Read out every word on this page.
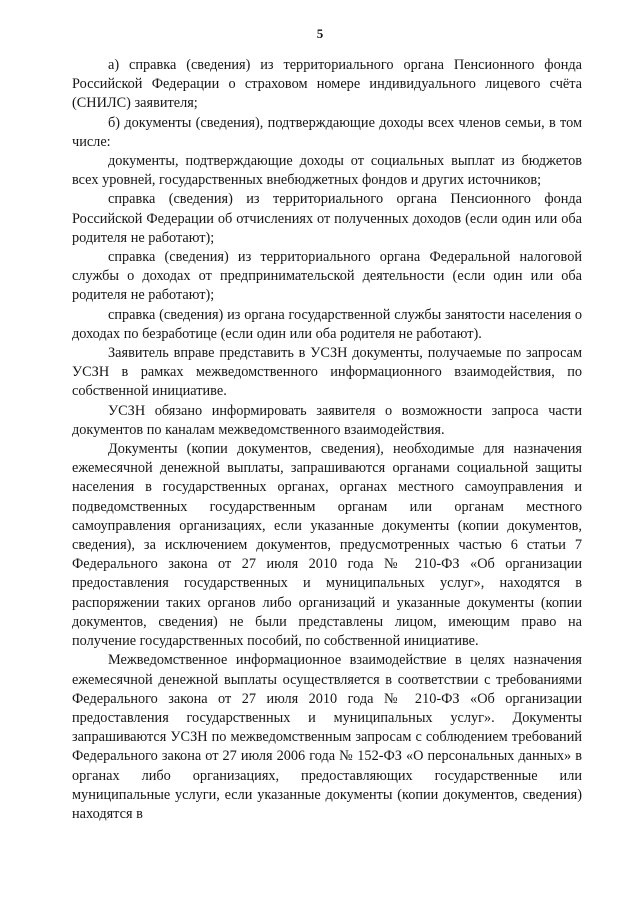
5

а) справка (сведения) из территориального органа Пенсионного фонда Российской Федерации о страховом номере индивидуального лицевого счёта (СНИЛС) заявителя;

б) документы (сведения), подтверждающие доходы всех членов семьи, в том числе:

документы, подтверждающие доходы от социальных выплат из бюджетов всех уровней, государственных внебюджетных фондов и других источников;

справка (сведения) из территориального органа Пенсионного фонда Российской Федерации об отчислениях от полученных доходов (если один или оба родителя не работают);

справка (сведения) из территориального органа Федеральной налоговой службы о доходах от предпринимательской деятельности (если один или оба родителя не работают);

справка (сведения) из органа государственной службы занятости населения о доходах по безработице (если один или оба родителя не работают).

Заявитель вправе представить в УСЗН документы, получаемые по запросам УСЗН в рамках межведомственного информационного взаимодействия, по собственной инициативе.

УСЗН обязано информировать заявителя о возможности запроса части документов по каналам межведомственного взаимодействия.

Документы (копии документов, сведения), необходимые для назначения ежемесячной денежной выплаты, запрашиваются органами социальной защиты населения в государственных органах, органах местного самоуправления и подведомственных государственным органам или органам местного самоуправления организациях, если указанные документы (копии документов, сведения), за исключением документов, предусмотренных частью 6 статьи 7 Федерального закона от 27 июля 2010 года № 210-ФЗ «Об организации предоставления государственных и муниципальных услуг», находятся в распоряжении таких органов либо организаций и указанные документы (копии документов, сведения) не были представлены лицом, имеющим право на получение государственных пособий, по собственной инициативе.

Межведомственное информационное взаимодействие в целях назначения ежемесячной денежной выплаты осуществляется в соответствии с требованиями Федерального закона от 27 июля 2010 года № 210-ФЗ «Об организации предоставления государственных и муниципальных услуг». Документы запрашиваются УСЗН по межведомственным запросам с соблюдением требований Федерального закона от 27 июля 2006 года № 152-ФЗ «О персональных данных» в органах либо организациях, предоставляющих государственные или муниципальные услуги, если указанные документы (копии документов, сведения) находятся в
